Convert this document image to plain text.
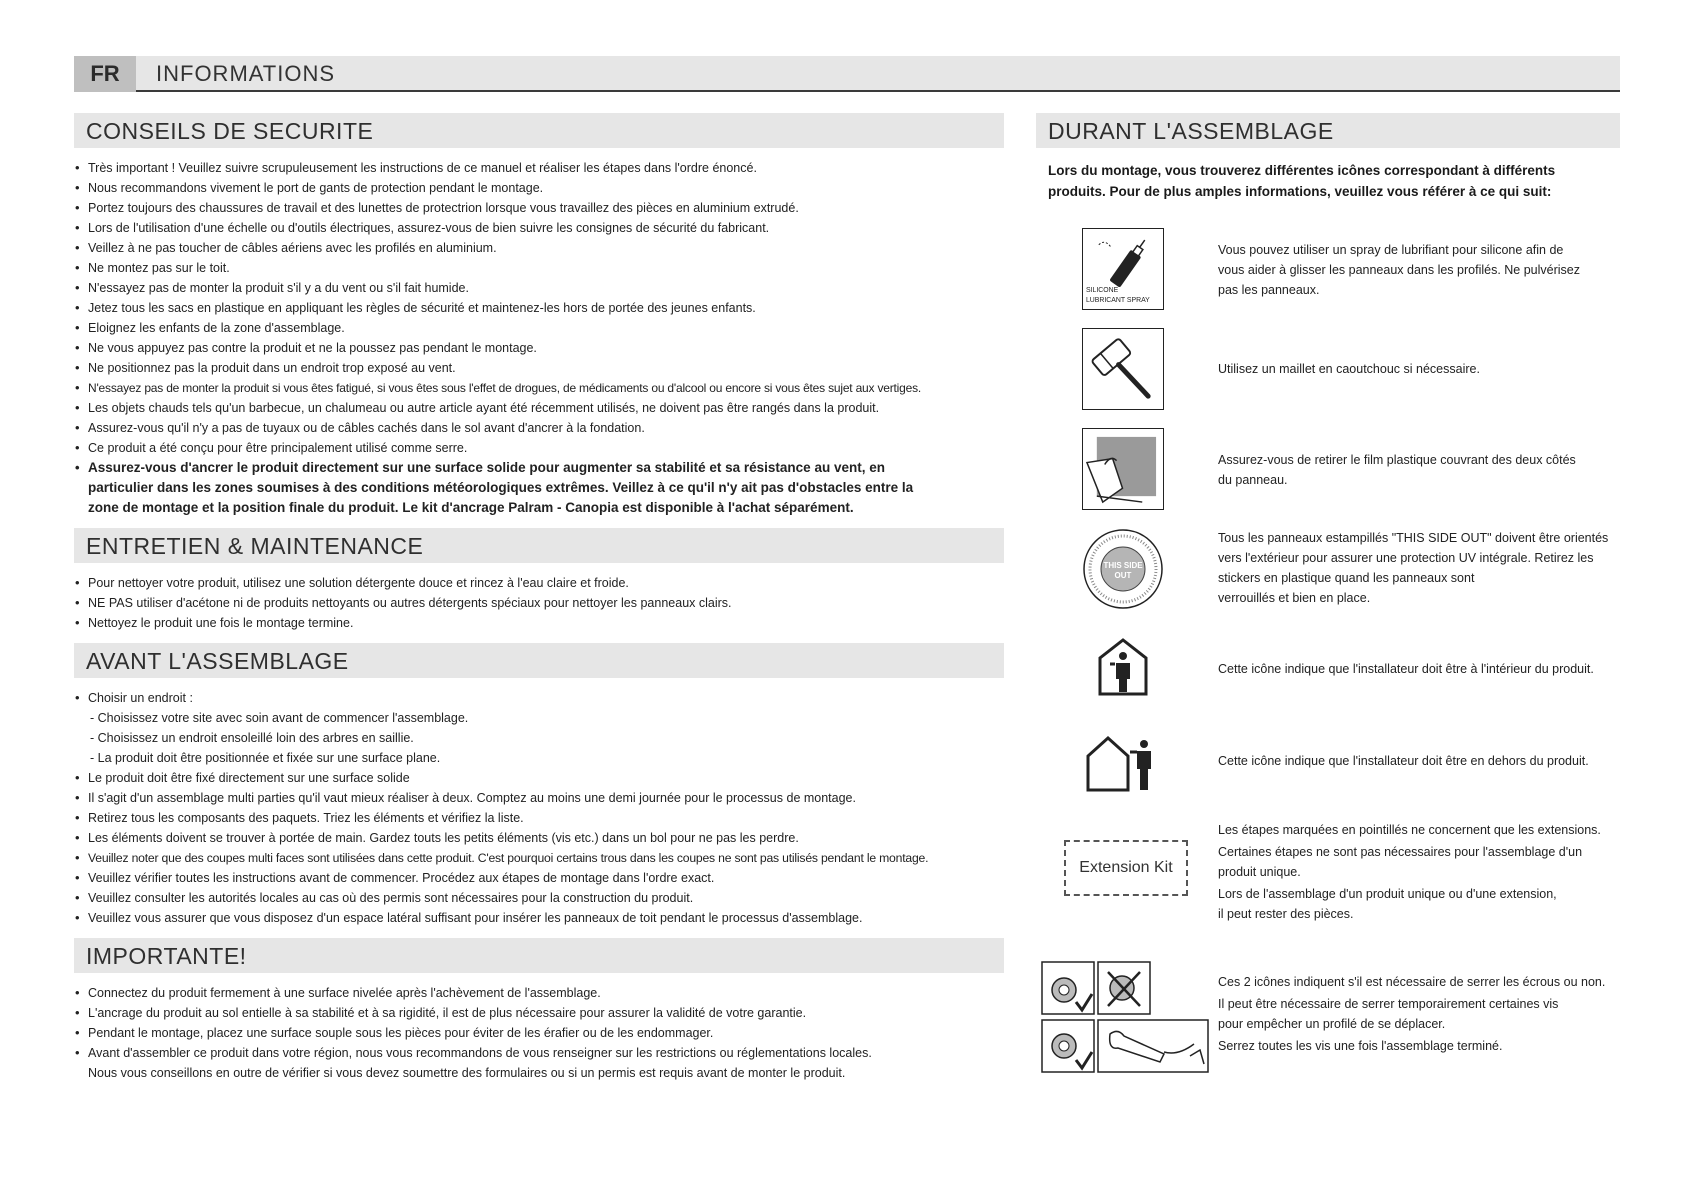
FR	INFORMATIONS
CONSEILS DE SECURITE
• Très important ! Veuillez suivre scrupuleusement les instructions de ce manuel et réaliser les étapes dans l'ordre énoncé.
• Nous recommandons vivement le port de gants de protection pendant le montage.
• Portez toujours des chaussures de travail et des lunettes de protectrion lorsque vous travaillez des pièces en aluminium extrudé.
• Lors de l'utilisation d'une échelle ou d'outils électriques, assurez-vous de bien suivre les consignes de sécurité du fabricant.
• Veillez à ne pas toucher de câbles aériens avec les profilés en aluminium.
• Ne montez pas sur le toit.
• N'essayez pas de monter la produit s'il y a du vent ou s'il fait humide.
• Jetez tous les sacs en plastique en appliquant les règles de sécurité et maintenez-les hors de portée des jeunes enfants.
• Eloignez les enfants de la zone d'assemblage.
• Ne vous appuyez pas contre la produit et ne la poussez pas pendant le montage.
• Ne positionnez pas la produit dans un endroit trop exposé au vent.
• N'essayez pas de monter la produit si vous êtes fatigué, si vous êtes sous l'effet de drogues, de médicaments ou d'alcool ou encore si vous êtes sujet aux vertiges.
• Les objets chauds tels qu'un barbecue, un chalumeau ou autre article ayant été récemment utilisés, ne doivent pas être rangés dans la produit.
• Assurez-vous qu'il n'y a pas de tuyaux ou de câbles cachés dans le sol avant d'ancrer à la fondation.
• Ce produit a été conçu pour être principalement utilisé comme serre.
• Assurez-vous d'ancrer le produit directement sur une surface solide pour augmenter sa stabilité et sa résistance au vent, en particulier dans les zones soumises à des conditions météorologiques extrêmes. Veillez à ce qu'il n'y ait pas d'obstacles entre la zone de montage et la position finale du produit. Le kit d'ancrage Palram - Canopia est disponible à l'achat séparément.
ENTRETIEN & MAINTENANCE
• Pour nettoyer votre produit, utilisez une solution détergente douce et rincez à l'eau claire et froide.
• NE PAS utiliser d'acétone ni de produits nettoyants ou autres détergents spéciaux pour nettoyer les panneaux clairs.
• Nettoyez le produit une fois le montage termine.
AVANT L'ASSEMBLAGE
• Choisir un endroit :
- Choisissez votre site avec soin avant de commencer l'assemblage.
- Choisissez un endroit ensoleillé loin des arbres en saillie.
- La produit doit être positionnée et fixée sur une surface plane.
• Le produit doit être fixé directement sur une surface solide
• Il s'agit d'un assemblage multi parties qu'il vaut mieux réaliser à deux. Comptez au moins une demi journée pour le processus de montage.
• Retirez tous les composants des paquets. Triez les éléments et vérifiez la liste.
• Les éléments doivent se trouver à portée de main. Gardez touts les petits éléments (vis etc.) dans un bol pour ne pas les perdre.
• Veuillez noter que des coupes multi faces sont utilisées dans cette produit. C'est pourquoi certains trous dans les coupes ne sont pas utilisés pendant le montage.
• Veuillez vérifier toutes les instructions avant de commencer. Procédez aux étapes de montage dans l'ordre exact.
• Veuillez consulter les autorités locales au cas où des permis sont nécessaires pour la construction du produit.
• Veuillez vous assurer que vous disposez d'un espace latéral suffisant pour insérer les panneaux de toit pendant le processus d'assemblage.
IMPORTANTE!
• Connectez du produit fermement à une surface nivelée après l'achèvement de l'assemblage.
• L'ancrage du produit au sol entielle à sa stabilité et à sa rigidité, il est de plus nécessaire pour assurer la validité de votre garantie.
• Pendant le montage, placez une surface souple sous les pièces pour éviter de les érafier ou de les endommager.
• Avant d'assembler ce produit dans votre région, nous vous recommandons de vous renseigner sur les restrictions ou réglementations locales.
Nous vous conseillons en outre de vérifier si vous devez soumettre des formulaires ou si un permis est requis avant de monter le produit.
DURANT L'ASSEMBLAGE
Lors du montage, vous trouverez différentes icônes correspondant à différents produits. Pour de plus amples informations, veuillez vous référer à ce qui suit:
SILICONE
LUBRICANT SPRAY
Vous pouvez utiliser un spray de lubrifiant pour silicone afin de
vous aider à glisser les panneaux dans les profilés. Ne pulvérisez
pas les panneaux.
Utilisez un maillet en caoutchouc si nécessaire.
Assurez-vous de retirer le film plastique couvrant des deux côtés
du panneau.
THIS SIDE
OUT
Tous les panneaux estampillés "THIS SIDE OUT" doivent être orientés
vers l'extérieur pour assurer une protection UV intégrale. Retirez les
stickers en plastique quand les panneaux sont
verrouillés et bien en place.
Cette icône indique que l'installateur doit être à l'intérieur du produit.
Cette icône indique que l'installateur doit être en dehors du produit.
Extension Kit
Les étapes marquées en pointillés ne concernent que les extensions.
Certaines étapes ne sont pas nécessaires pour l'assemblage d'un
produit unique.
Lors de l'assemblage d'un produit unique ou d'une extension,
il peut rester des pièces.
Ces 2 icônes indiquent s'il est nécessaire de serrer les écrous ou non.
Il peut être nécessaire de serrer temporairement certaines vis
pour empêcher un profilé de se déplacer.
Serrez toutes les vis une fois l'assemblage terminé.
